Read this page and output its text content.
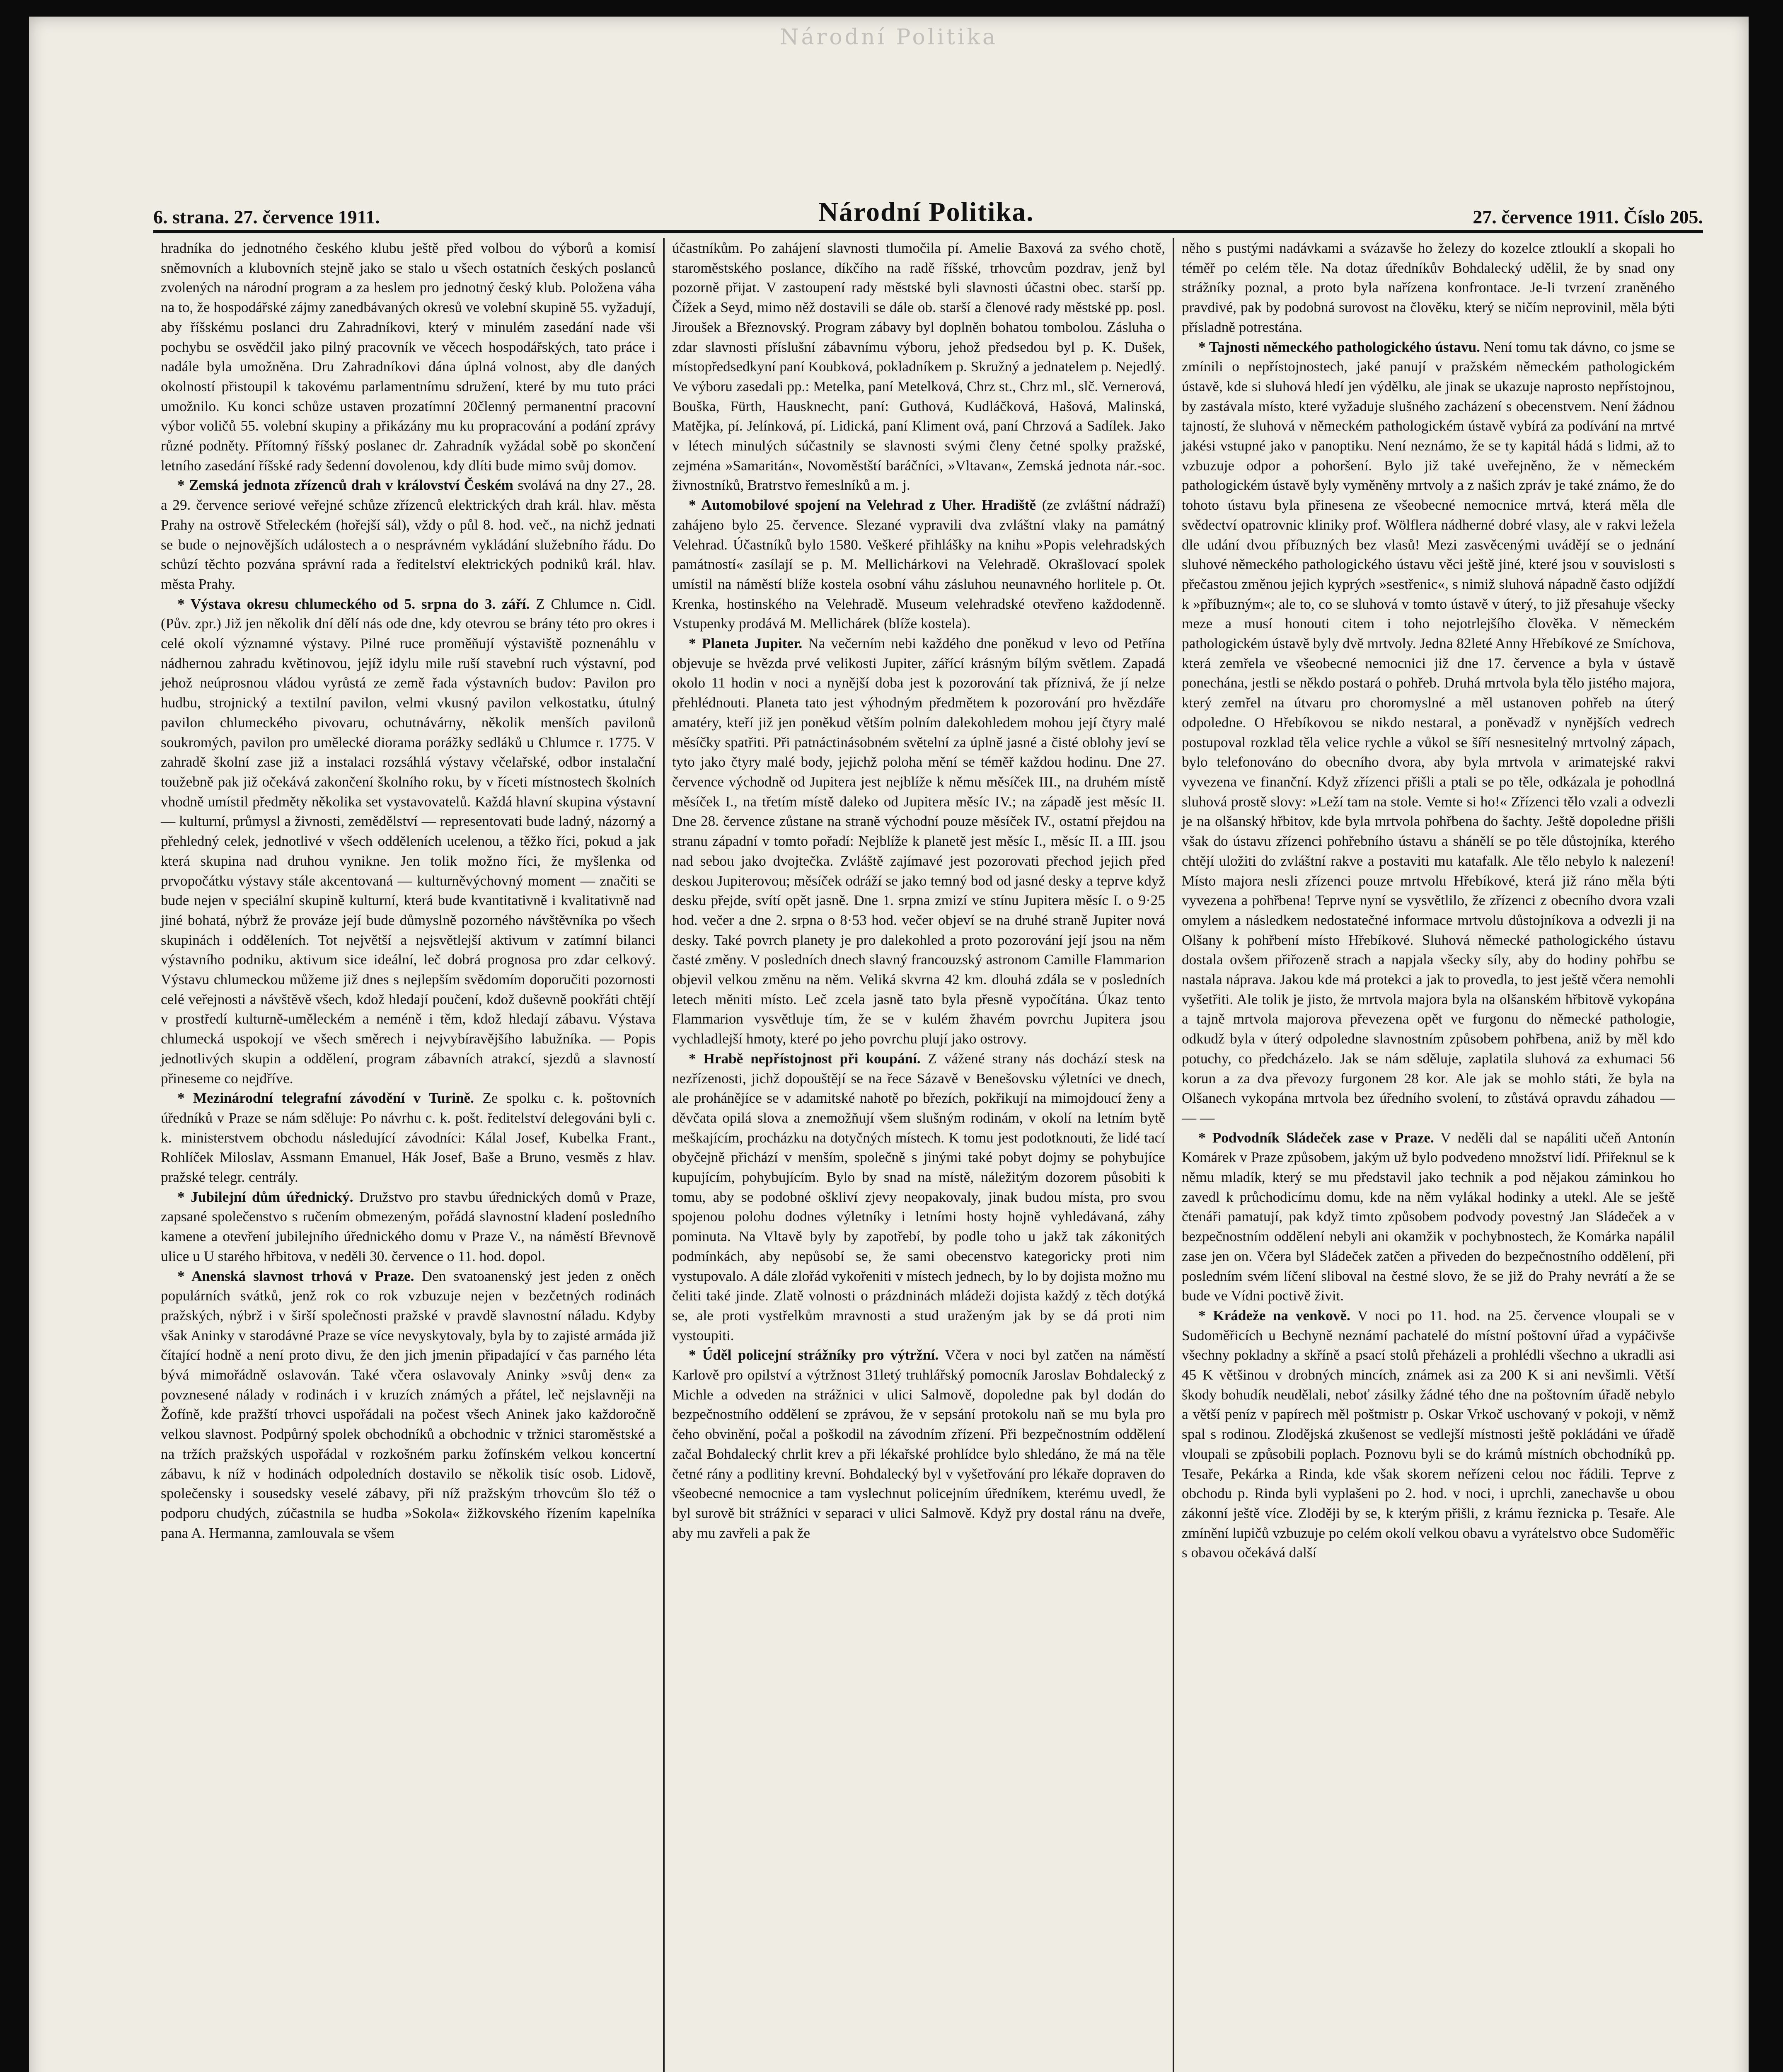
Národní Politika
6. strana. 27. července 1911.	Národní Politika.	27. července 1911. Číslo 205.

hradníka do jednotného českého klubu ještě před volbou do výborů a komisí sněmovních a klubovních stejně jako se stalo u všech ostatních českých poslanců zvolených na národní program a za heslem pro jednotný český klub. Položena váha na to, že hospodářské zájmy zanedbávaných okresů ve volební skupině 55. vyžadují, aby říšskému poslanci dru Zahradníkovi, který v minulém zasedání nade vši pochybu se osvědčil jako pilný pracovník ve věcech hospodářských, tato práce i nadále byla umožněna. Dru Zahradníkovi dána úplná volnost, aby dle daných okolností přistoupil k takovému parlamentnímu sdružení, které by mu tuto práci umožnilo. Ku konci schůze ustaven prozatímní 20členný permanentní pracovní výbor voličů 55. volební skupiny a přikázány mu ku propracování a podání zprávy různé podněty. Přítomný říšský poslanec dr. Zahradník vyžádal sobě po skončení letního zasedání říšské rady šedenní dovolenou, kdy dlíti bude mimo svůj domov.

* Zemská jednota zřízenců drah v království Českém svolává na dny 27., 28. a 29. července seriové veřejné schůze zřízenců elektrických drah král. hlav. města Prahy na ostrově Střeleckém (hořejší sál), vždy o půl 8. hod. več., na nichž jednati se bude o nejnovějších událostech a o nesprávném vykládání služebního řádu. Do schůzí těchto pozvána správní rada a ředitelství elektrických podniků král. hlav. města Prahy.

* Výstava okresu chlumeckého od 5. srpna do 3. září. Z Chlumce n. Cidl. (Pův. zpr.) Již jen několik dní dělí nás ode dne, kdy otevrou se brány této pro okres i celé okolí významné výstavy. Pilné ruce proměňují výstaviště poznenáhlu v nádhernou zahradu květinovou, jejíž idylu mile ruší stavební ruch výstavní, pod jehož neúprosnou vládou vyrůstá ze země řada výstavních budov: Pavilon pro hudbu, strojnický a textilní pavilon, velmi vkusný pavilon velkostatku, útulný pavilon chlumeckého pivovaru, ochutnávárny, několik menších pavilonů soukromých, pavilon pro umělecké diorama porážky sedláků u Chlumce r. 1775. V zahradě školní zase již a instalaci rozsáhlá výstavy včelařské, odbor instalační toužebně pak již očekává zakončení školního roku, by v říceti místnostech školních vhodně umístil předměty několika set vystavovatelů. Každá hlavní skupina výstavní — kulturní, průmysl a živnosti, zemědělství — representovati bude ladný, názorný a přehledný celek, jednotlivé v všech odděleních ucelenou, a těžko říci, pokud a jak která skupina nad druhou vynikne. Jen tolik možno říci, že myšlenka od prvopočátku výstavy stále akcentovaná — kulturněvýchovný moment — značiti se bude nejen v speciální skupině kulturní, která bude kvantitativně i kvalitativně nad jiné bohatá, nýbrž že prováze její bude důmyslně pozorného návštěvníka po všech skupinách i odděleních. Tot největší a nejsvětlejší aktivum v zatímní bilanci výstavního podniku, aktivum sice ideální, leč dobrá prognosa pro zdar celkový. Výstavu chlumeckou můžeme již dnes s nejlepším svědomím doporučiti pozornosti celé veřejnosti a návštěvě všech, kdož hledají poučení, kdož duševně pookřáti chtějí v prostředí kulturně-uměleckém a neméně i těm, kdož hledají zábavu. Výstava chlumecká uspokojí ve všech směrech i nejvybíravějšího labužníka. — Popis jednotlivých skupin a oddělení, program zábavních atrakcí, sjezdů a slavností přineseme co nejdříve.

* Mezinárodní telegrafní závodění v Turině. Ze spolku c. k. poštovních úředníků v Praze se nám sděluje: Po návrhu c. k. pošt. ředitelství delegováni byli c. k. ministerstvem obchodu následující závodníci: Kálal Josef, Kubelka Frant., Rohlíček Miloslav, Assmann Emanuel, Hák Josef, Baše a Bruno, vesměs z hlav. pražské telegr. centrály.

* Jubilejní dům úřednický. Družstvo pro stavbu úřednických domů v Praze, zapsané společenstvo s ručením obmezeným, pořádá slavnostní kladení posledního kamene a otevření jubilejního úřednického domu v Praze V., na náměstí Břevnově ulice u U starého hřbitova, v neděli 30. července o 11. hod. dopol.

* Anenská slavnost trhová v Praze. Den svatoanenský jest jeden z oněch populárních svátků, jenž rok co rok vzbuzuje nejen v bezčetných rodinách pražských, nýbrž i v širší společnosti pražské v pravdě slavnostní náladu. Kdyby však Aninky v starodávné Praze se více nevyskytovaly, byla by to zajisté armáda již čítající hodně a není proto divu, že den jich jmenin připadající v čas parného léta bývá mimořádně oslavován. Také včera oslavovaly Aninky »svůj den« za povznesené nálady v rodinách i v kruzích známých a přátel, leč nejslavněji na Žofíně, kde pražští trhovci uspořádali na počest všech Aninek jako každoročně velkou slavnost. Podpůrný spolek obchodníků a obchodnic v tržnici staroměstské a na tržích pražských uspořádal v rozkošném parku žofínském velkou koncertní zábavu, k níž v hodinách odpoledních dostavilo se několik tisíc osob. Lidově, společensky i sousedsky veselé zábavy, při níž pražským trhovcům šlo též o podporu chudých, zúčastnila se hudba »Sokola« žižkovského řízením kapelníka pana A. Hermanna, zamlouvala se všem

účastníkům. Po zahájení slavnosti tlumočila pí. Amelie Baxová za svého chotě, staroměstského poslance, díkčího na radě říšské, trhovcům pozdrav, jenž byl pozorně přijat. V zastoupení rady městské byli slavnosti účastni obec. starší pp. Čížek a Seyd, mimo něž dostavili se dále ob. starší a členové rady městské pp. posl. Jiroušek a Březnovský. Program zábavy byl doplněn bohatou tombolou. Zásluha o zdar slavnosti příslušní zábavnímu výboru, jehož předsedou byl p. K. Dušek, místopředsedkyní paní Koubková, pokladníkem p. Skružný a jednatelem p. Nejedlý. Ve výboru zasedali pp.: Metelka, paní Metelková, Chrz st., Chrz ml., slč. Vernerová, Bouška, Fürth, Hausknecht, paní: Guthová, Kudláčková, Hašová, Malinská, Matějka, pí. Jelínková, pí. Lidická, paní Kliment ová, paní Chrzová a Sadílek. Jako v létech minulých súčastnily se slavnosti svými členy četné spolky pražské, zejména »Samaritán«, Novoměstští baráčníci, »Vltavan«, Zemská jednota nár.-soc. živnostníků, Bratrstvo řemeslníků a m. j.

* Automobilové spojení na Velehrad z Uher. Hradiště (ze zvláštní nádraží) zahájeno bylo 25. července. Slezané vypravili dva zvláštní vlaky na památný Velehrad. Účastníků bylo 1580. Veškeré přihlášky na knihu »Popis velehradských památností« zasílají se p. M. Mellichárkovi na Velehradě. Okrašlovací spolek umístil na náměstí blíže kostela osobní váhu zásluhou neunavného horlitele p. Ot. Krenka, hostinského na Velehradě. Museum velehradské otevřeno každodenně. Vstupenky prodává M. Mellichárek (blíže kostela).

* Planeta Jupiter. Na večerním nebi každého dne poněkud v levo od Petřína objevuje se hvězda prvé velikosti Jupiter, zářící krásným bílým světlem. Zapadá okolo 11 hodin v noci a nynější doba jest k pozorování tak příznivá, že jí nelze přehlédnouti. Planeta tato jest výhodným předmětem k pozorování pro hvězdáře amatéry, kteří již jen poněkud větším polním dalekohledem mohou její čtyry malé měsíčky spatřiti. Při patnáctinásobném světelní za úplně jasné a čisté oblohy jeví se tyto jako čtyry malé body, jejichž poloha mění se téměř každou hodinu. Dne 27. července východně od Jupitera jest nejblíže k němu měsíček III., na druhém místě měsíček I., na třetím místě daleko od Jupitera měsíc IV.; na západě jest měsíc II. Dne 28. července zůstane na straně východní pouze měsíček IV., ostatní přejdou na stranu západní v tomto pořadí: Nejblíže k planetě jest měsíc I., měsíc II. a III. jsou nad sebou jako dvojtečka. Zvláště zajímavé jest pozorovati přechod jejich před deskou Jupiterovou; měsíček odráží se jako temný bod od jasné desky a teprve když desku přejde, svítí opět jasně. Dne 1. srpna zmizí ve stínu Jupitera měsíc I. o 9·25 hod. večer a dne 2. srpna o 8·53 hod. večer objeví se na druhé straně Jupiter nová desky. Také povrch planety je pro dalekohled a proto pozorování její jsou na něm časté změny. V posledních dnech slavný francouzský astronom Camille Flammarion objevil velkou změnu na něm. Veliká skvrna 42 km. dlouhá zdála se v posledních letech měniti místo. Leč zcela jasně tato byla přesně vypočítána. Úkaz tento Flammarion vysvětluje tím, že se v kulém žhavém povrchu Jupitera jsou vychladlejší hmoty, které po jeho povrchu plují jako ostrovy.

* Hrabě nepřístojnost při koupání. Z vážené strany nás dochází stesk na nezřízenosti, jichž dopouštějí se na řece Sázavě v Benešovsku výletníci ve dnech, ale prohánějíce se v adamitské nahotě po březích, pokřikují na mimojdoucí ženy a děvčata opilá slova a znemožňují všem slušným rodinám, v okolí na letním bytě meškajícím, procházku na dotyčných místech. K tomu jest podotknouti, že lidé tací obyčejně přichází v menším, společně s jinými také pobyt dojmy se pohybujíce kupujícím, pohybujícím. Bylo by snad na místě, náležitým dozorem působiti k tomu, aby se podobné oškliví zjevy neopakovaly, jinak budou místa, pro svou spojenou polohu dodnes výletníky i letními hosty hojně vyhledávaná, záhy pominuta. Na Vltavě byly by zapotřebí, by podle toho u jakž tak zákonitých podmínkách, aby nepůsobí se, že sami obecenstvo kategoricky proti nim vystupovalo. A dále zlořád vykořeniti v místech jednech, by lo by dojista možno mu čeliti také jinde. Zlatě volnosti o prázdninách mládeži dojista každý z těch dotýká se, ale proti vystřelkům mravnosti a stud uraženým jak by se dá proti nim vystoupiti.

* Úděl policejní strážníky pro výtržní. Včera v noci byl zatčen na náměstí Karlově pro opilství a výtržnost 31letý truhlářský pomocník Jaroslav Bohdalecký z Michle a odveden na strážnici v ulici Salmově, dopoledne pak byl dodán do bezpečnostního oddělení se zprávou, že v sepsání protokolu naň se mu byla pro čeho obvinění, počal a poškodil na závodním zřízení. Při bezpečnostním oddělení začal Bohdalecký chrlit krev a při lékařské prohlídce bylo shledáno, že má na těle četné rány a podlitiny krevní. Bohdalecký byl v vyšetřování pro lékaře dopraven do všeobecné nemocnice a tam vyslechnut policejním úředníkem, kterému uvedl, že byl surově bit strážníci v separaci v ulici Salmově. Když pry dostal ránu na dveře, aby mu zavřeli a pak že

něho s pustými nadávkami a svázavše ho železy do kozelce ztlouklí a skopali ho téměř po celém těle. Na dotaz úředníkův Bohdalecký udělil, že by snad ony strážníky poznal, a proto byla nařízena konfrontace. Je-li tvrzení zraněného pravdivé, pak by podobná surovost na člověku, který se ničím neprovinil, měla býti přísladně potrestána.

* Tajnosti německého pathologického ústavu. Není tomu tak dávno, co jsme se zmínili o nepřístojnostech, jaké panují v pražském německém pathologickém ústavě, kde si sluhová hledí jen výdělku, ale jinak se ukazuje naprosto nepřístojnou, by zastávala místo, které vyžaduje slušného zacházení s obecenstvem. Není žádnou tajností, že sluhová v německém pathologickém ústavě vybírá za podívání na mrtvé jakési vstupné jako v panoptiku. Není neznámo, že se ty kapitál hádá s lidmi, až to vzbuzuje odpor a pohoršení. Bylo již také uveřejněno, že v německém pathologickém ústavě byly vyměněny mrtvoly a z našich zpráv je také známo, že do tohoto ústavu byla přinesena ze všeobecné nemocnice mrtvá, která měla dle svědectví opatrovnic kliniky prof. Wölflera nádherné dobré vlasy, ale v rakvi ležela dle udání dvou příbuzných bez vlasů! Mezi zasvěcenými uvádějí se o jednání sluhové německého pathologického ústavu věci ještě jiné, které jsou v souvislosti s přečastou změnou jejich kyprých »sestřenic«, s nimiž sluhová nápadně často odjíždí k »příbuzným«; ale to, co se sluhová v tomto ústavě v úterý, to již přesahuje všecky meze a musí honouti citem i toho nejotrlejšího člověka. V německém pathologickém ústavě byly dvě mrtvoly. Jedna 82leté Anny Hřebíkové ze Smíchova, která zemřela ve všeobecné nemocnici již dne 17. července a byla v ústavě ponechána, jestli se někdo postará o pohřeb. Druhá mrtvola byla tělo jistého majora, který zemřel na útvaru pro choromyslné a měl ustanoven pohřeb na úterý odpoledne. O Hřebíkovou se nikdo nestaral, a poněvadž v nynějších vedrech postupoval rozklad těla velice rychle a vůkol se šíří nesnesitelný mrtvolný zápach, bylo telefonováno do obecního dvora, aby byla mrtvola v arimatejské rakvi vyvezena ve finanční. Když zřízenci přišli a ptali se po těle, odkázala je pohodlná sluhová prostě slovy: »Leží tam na stole. Vemte si ho!« Zřízenci tělo vzali a odvezli je na olšanský hřbitov, kde byla mrtvola pohřbena do šachty. Ještě dopoledne přišli však do ústavu zřízenci pohřebního ústavu a shánělí se po těle důstojníka, kterého chtějí uložiti do zvláštní rakve a postaviti mu katafalk. Ale tělo nebylo k nalezení! Místo majora nesli zřízenci pouze mrtvolu Hřebíkové, která již ráno měla býti vyvezena a pohřbena! Teprve nyní se vysvětlilo, že zřízenci z obecního dvora vzali omylem a následkem nedostatečné informace mrtvolu důstojníkova a odvezli ji na Olšany k pohřbení místo Hřebíkové. Sluhová německé pathologického ústavu dostala ovšem přiřozeně strach a napjala všecky síly, aby do hodiny pohřbu se nastala náprava. Jakou kde má protekci a jak to provedla, to jest ještě včera nemohli vyšetřiti. Ale tolik je jisto, že mrtvola majora byla na olšanském hřbitově vykopána a tajně mrtvola majorova převezena opět ve furgonu do německé pathologie, odkudž byla v úterý odpoledne slavnostním způsobem pohřbena, aniž by měl kdo potuchy, co předcházelo. Jak se nám sděluje, zaplatila sluhová za exhumaci 56 korun a za dva převozy furgonem 28 kor. Ale jak se mohlo státi, že byla na Olšanech vykopána mrtvola bez úředního svolení, to zůstává opravdu záhadou — — —

* Podvodník Sládeček zase v Praze. V neděli dal se napáliti učeň Antonín Komárek v Praze způsobem, jakým už bylo podvedeno množství lidí. Přiřeknul se k němu mladík, který se mu představil jako technik a pod nějakou záminkou ho zavedl k průchodicímu domu, kde na něm vylákal hodinky a utekl. Ale se ještě čtenáři pamatují, pak když timto způsobem podvody povestný Jan Sládeček a v bezpečnostním oddělení nebyli ani okamžik v pochybnostech, že Komárka napálil zase jen on. Včera byl Sládeček zatčen a přiveden do bezpečnostního oddělení, při posledním svém líčení sliboval na čestné slovo, že se již do Prahy nevrátí a že se bude ve Vídni poctivě živit.

* Krádeže na venkově. V noci po 11. hod. na 25. července vloupali se v Sudoměřicích u Bechyně neznámí pachatelé do místní poštovní úřad a vypáčivše všechny pokladny a skříně a psací stolů přeházeli a prohlédli všechno a ukradli asi 45 K většinou v drobných mincích, známek asi za 200 K si ani nevšimli. Větší škody bohudík neudělali, neboť zásilky žádné tého dne na poštovním úřadě nebylo a větší peníz v papírech měl poštmistr p. Oskar Vrkoč uschovaný v pokoji, v němž spal s rodinou. Zlodějská zkušenost se vedlejší místnosti ještě pokládáni ve úřadě vloupali se způsobili poplach. Poznovu byli se do krámů místních obchodníků pp. Tesaře, Pekárka a Rinda, kde však skorem neřízeni celou noc řádili. Teprve z obchodu p. Rinda byli vyplašeni po 2. hod. v noci, i uprchli, zanechavše u obou zákonní ještě více. Zloději by se, k kterým přišli, z krámu řeznicka p. Tesaře. Ale zmínění lupičů vzbuzuje po celém okolí velkou obavu a vyrátelstvo obce Sudoměřic s obavou očekává další
